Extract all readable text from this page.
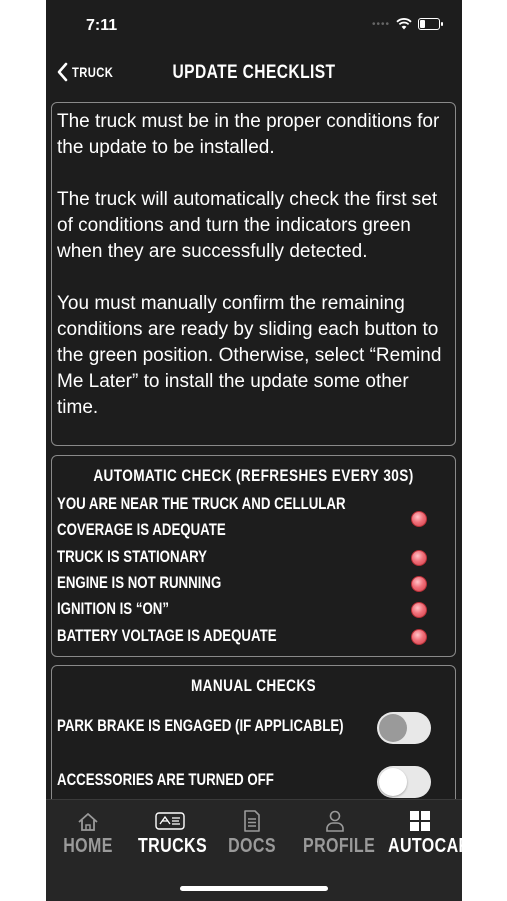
7:11	••••
TRUCK	UPDATE CHECKLIST

The truck must be in the proper conditions for the update to be installed.

The truck will automatically check the first set of conditions and turn the indicators green when they are successfully detected.

You must manually confirm the remaining conditions are ready by sliding each button to the green position. Otherwise, select “Remind Me Later” to install the update some other time.

AUTOMATIC CHECK (REFRESHES EVERY 30S)
YOU ARE NEAR THE TRUCK AND CELLULAR
COVERAGE IS ADEQUATE
TRUCK IS STATIONARY
ENGINE IS NOT RUNNING
IGNITION IS “ON”
BATTERY VOLTAGE IS ADEQUATE
MANUAL CHECKS
PARK BRAKE IS ENGAGED (IF APPLICABLE)
ACCESSORIES ARE TURNED OFF
HOME	TRUCKS	DOCS	PROFILE AUTOCAR
